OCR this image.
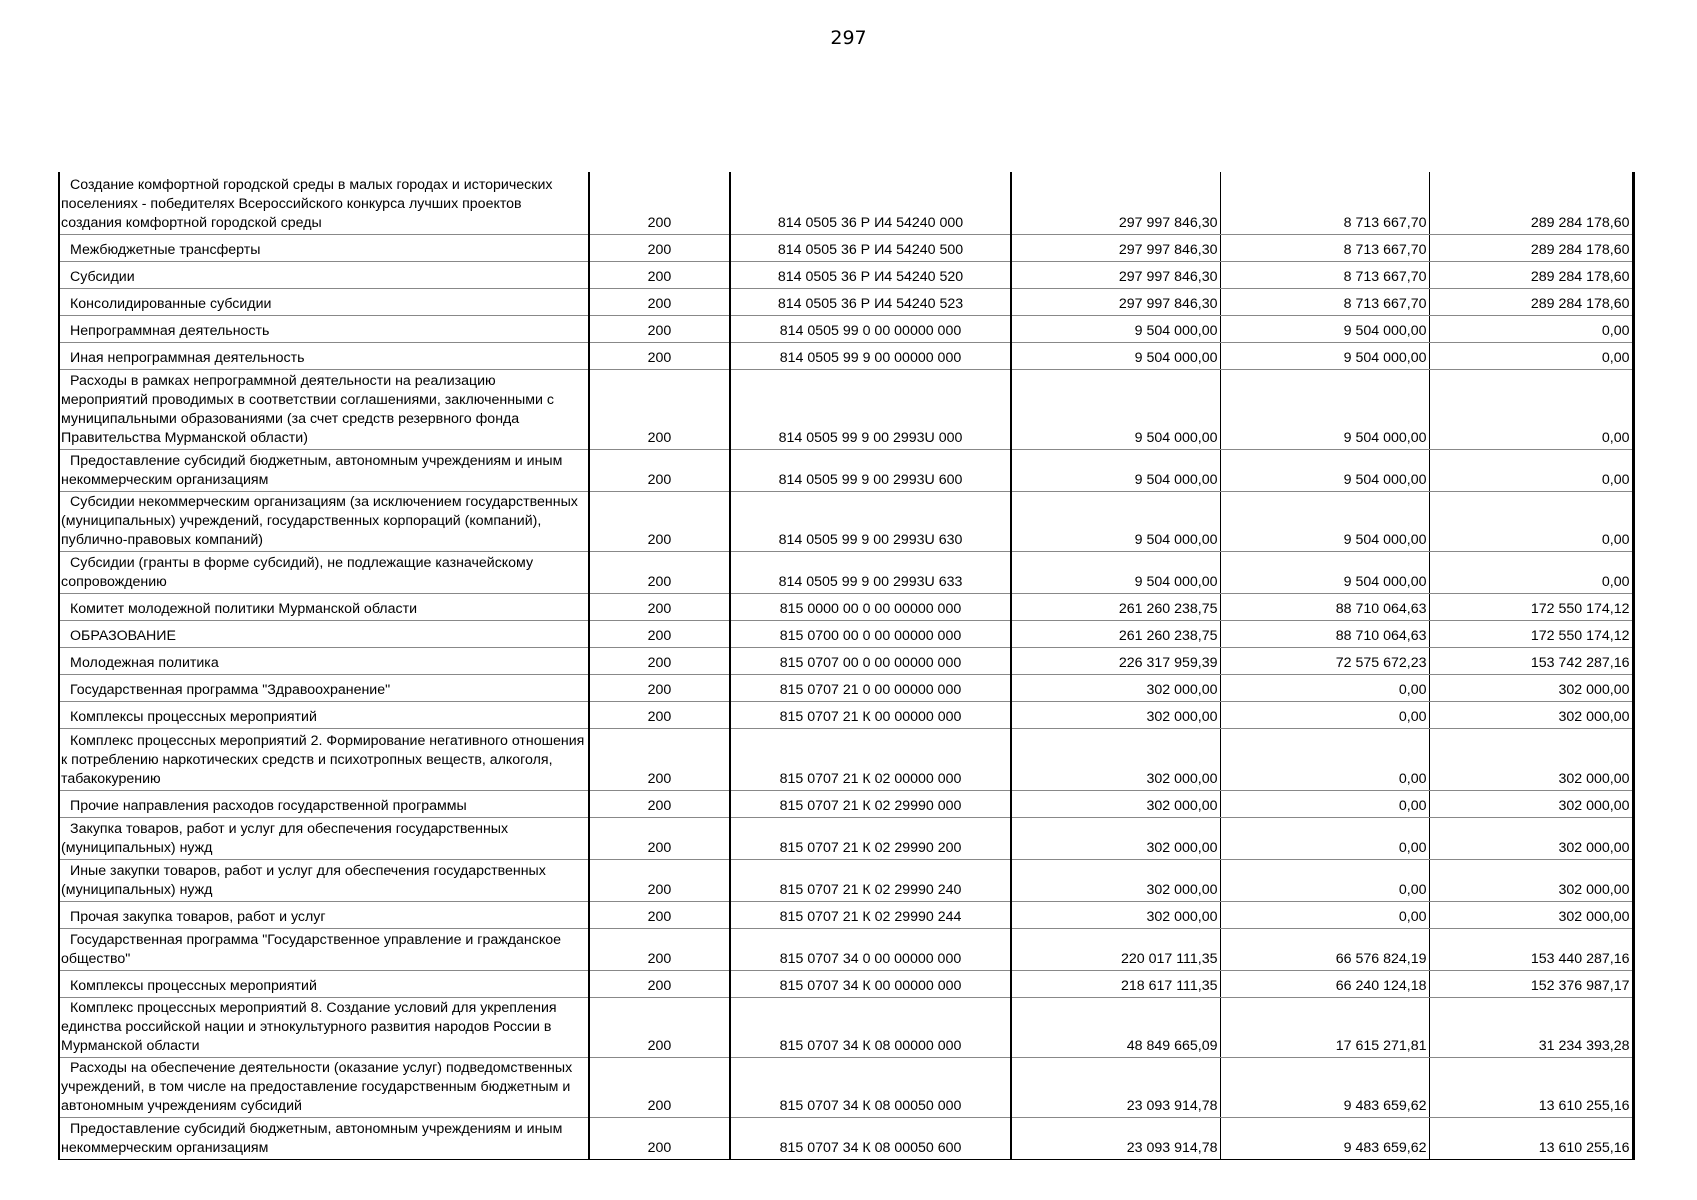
297
Создание комфортной городской среды в малых городах и исторических поселениях - победителях Всероссийского конкурса лучших проектов создания комфортной городской среды	200	814 0505 36 Р И4 54240 000	297 997 846,30	8 713 667,70	289 284 178,60
Межбюджетные трансферты	200	814 0505 36 Р И4 54240 500	297 997 846,30	8 713 667,70	289 284 178,60
Субсидии	200	814 0505 36 Р И4 54240 520	297 997 846,30	8 713 667,70	289 284 178,60
Консолидированные субсидии	200	814 0505 36 Р И4 54240 523	297 997 846,30	8 713 667,70	289 284 178,60
Непрограммная деятельность	200	814 0505 99 0 00 00000 000	9 504 000,00	9 504 000,00	0,00
Иная непрограммная деятельность	200	814 0505 99 9 00 00000 000	9 504 000,00	9 504 000,00	0,00
Расходы в рамках непрограммной деятельности на реализацию мероприятий проводимых в соответствии соглашениями, заключенными с муниципальными образованиями (за счет средств резервного фонда Правительства Мурманской области)	200	814 0505 99 9 00 2993U 000	9 504 000,00	9 504 000,00	0,00
Предоставление субсидий бюджетным, автономным учреждениям и иным некоммерческим организациям	200	814 0505 99 9 00 2993U 600	9 504 000,00	9 504 000,00	0,00
Субсидии некоммерческим организациям (за исключением государственных (муниципальных) учреждений, государственных корпораций (компаний), публично-правовых компаний)	200	814 0505 99 9 00 2993U 630	9 504 000,00	9 504 000,00	0,00
Субсидии (гранты в форме субсидий), не подлежащие казначейскому сопровождению	200	814 0505 99 9 00 2993U 633	9 504 000,00	9 504 000,00	0,00
Комитет молодежной политики Мурманской области	200	815 0000 00 0 00 00000 000	261 260 238,75	88 710 064,63	172 550 174,12
ОБРАЗОВАНИЕ	200	815 0700 00 0 00 00000 000	261 260 238,75	88 710 064,63	172 550 174,12
Молодежная политика	200	815 0707 00 0 00 00000 000	226 317 959,39	72 575 672,23	153 742 287,16
Государственная программа "Здравоохранение"	200	815 0707 21 0 00 00000 000	302 000,00	0,00	302 000,00
Комплексы процессных мероприятий	200	815 0707 21 К 00 00000 000	302 000,00	0,00	302 000,00
Комплекс процессных мероприятий 2. Формирование негативного отношения к потреблению наркотических средств и психотропных веществ, алкоголя, табакокурению	200	815 0707 21 К 02 00000 000	302 000,00	0,00	302 000,00
Прочие направления расходов государственной программы	200	815 0707 21 К 02 29990 000	302 000,00	0,00	302 000,00
Закупка товаров, работ и услуг для обеспечения государственных (муниципальных) нужд	200	815 0707 21 К 02 29990 200	302 000,00	0,00	302 000,00
Иные закупки товаров, работ и услуг для обеспечения государственных (муниципальных) нужд	200	815 0707 21 К 02 29990 240	302 000,00	0,00	302 000,00
Прочая закупка товаров, работ и услуг	200	815 0707 21 К 02 29990 244	302 000,00	0,00	302 000,00
Государственная программа "Государственное управление и гражданское общество"	200	815 0707 34 0 00 00000 000	220 017 111,35	66 576 824,19	153 440 287,16
Комплексы процессных мероприятий	200	815 0707 34 К 00 00000 000	218 617 111,35	66 240 124,18	152 376 987,17
Комплекс процессных мероприятий 8. Создание условий для укрепления единства российской нации и этнокультурного развития народов России в Мурманской области	200	815 0707 34 К 08 00000 000	48 849 665,09	17 615 271,81	31 234 393,28
Расходы на обеспечение деятельности (оказание услуг) подведомственных учреждений, в том числе на предоставление государственным бюджетным и автономным учреждениям субсидий	200	815 0707 34 К 08 00050 000	23 093 914,78	9 483 659,62	13 610 255,16
Предоставление субсидий бюджетным, автономным учреждениям и иным некоммерческим организациям	200	815 0707 34 К 08 00050 600	23 093 914,78	9 483 659,62	13 610 255,16
